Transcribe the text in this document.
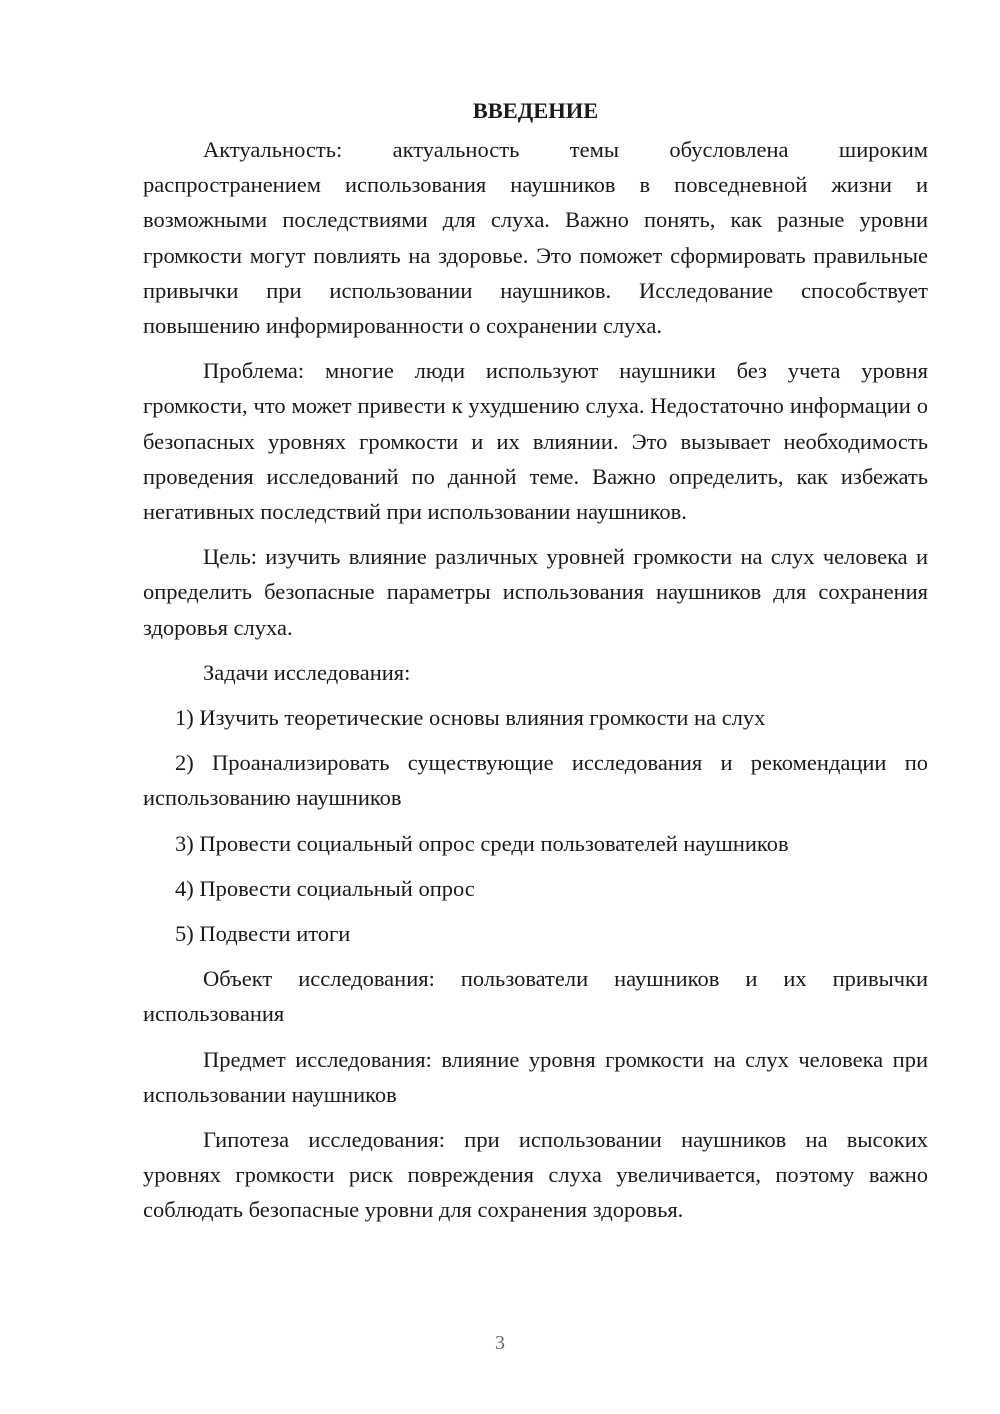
ВВЕДЕНИЕ

Актуальность: актуальность темы обусловлена широким распространением использования наушников в повседневной жизни и возможными последствиями для слуха. Важно понять, как разные уровни громкости могут повлиять на здоровье. Это поможет сформировать правильные привычки при использовании наушников. Исследование способствует повышению информированности о сохранении слуха.

Проблема: многие люди используют наушники без учета уровня громкости, что может привести к ухудшению слуха. Недостаточно информации о безопасных уровнях громкости и их влиянии. Это вызывает необходимость проведения исследований по данной теме. Важно определить, как избежать негативных последствий при использовании наушников.

Цель: изучить влияние различных уровней громкости на слух человека и определить безопасные параметры использования наушников для сохранения здоровья слуха.

Задачи исследования:

1) Изучить теоретические основы влияния громкости на слух

2) Проанализировать существующие исследования и рекомендации по использованию наушников

3) Провести социальный опрос среди пользователей наушников

4) Провести социальный опрос

5) Подвести итоги

Объект исследования: пользователи наушников и их привычки использования

Предмет исследования: влияние уровня громкости на слух человека при использовании наушников

Гипотеза исследования: при использовании наушников на высоких уровнях громкости риск повреждения слуха увеличивается, поэтому важно соблюдать безопасные уровни для сохранения здоровья.

3
